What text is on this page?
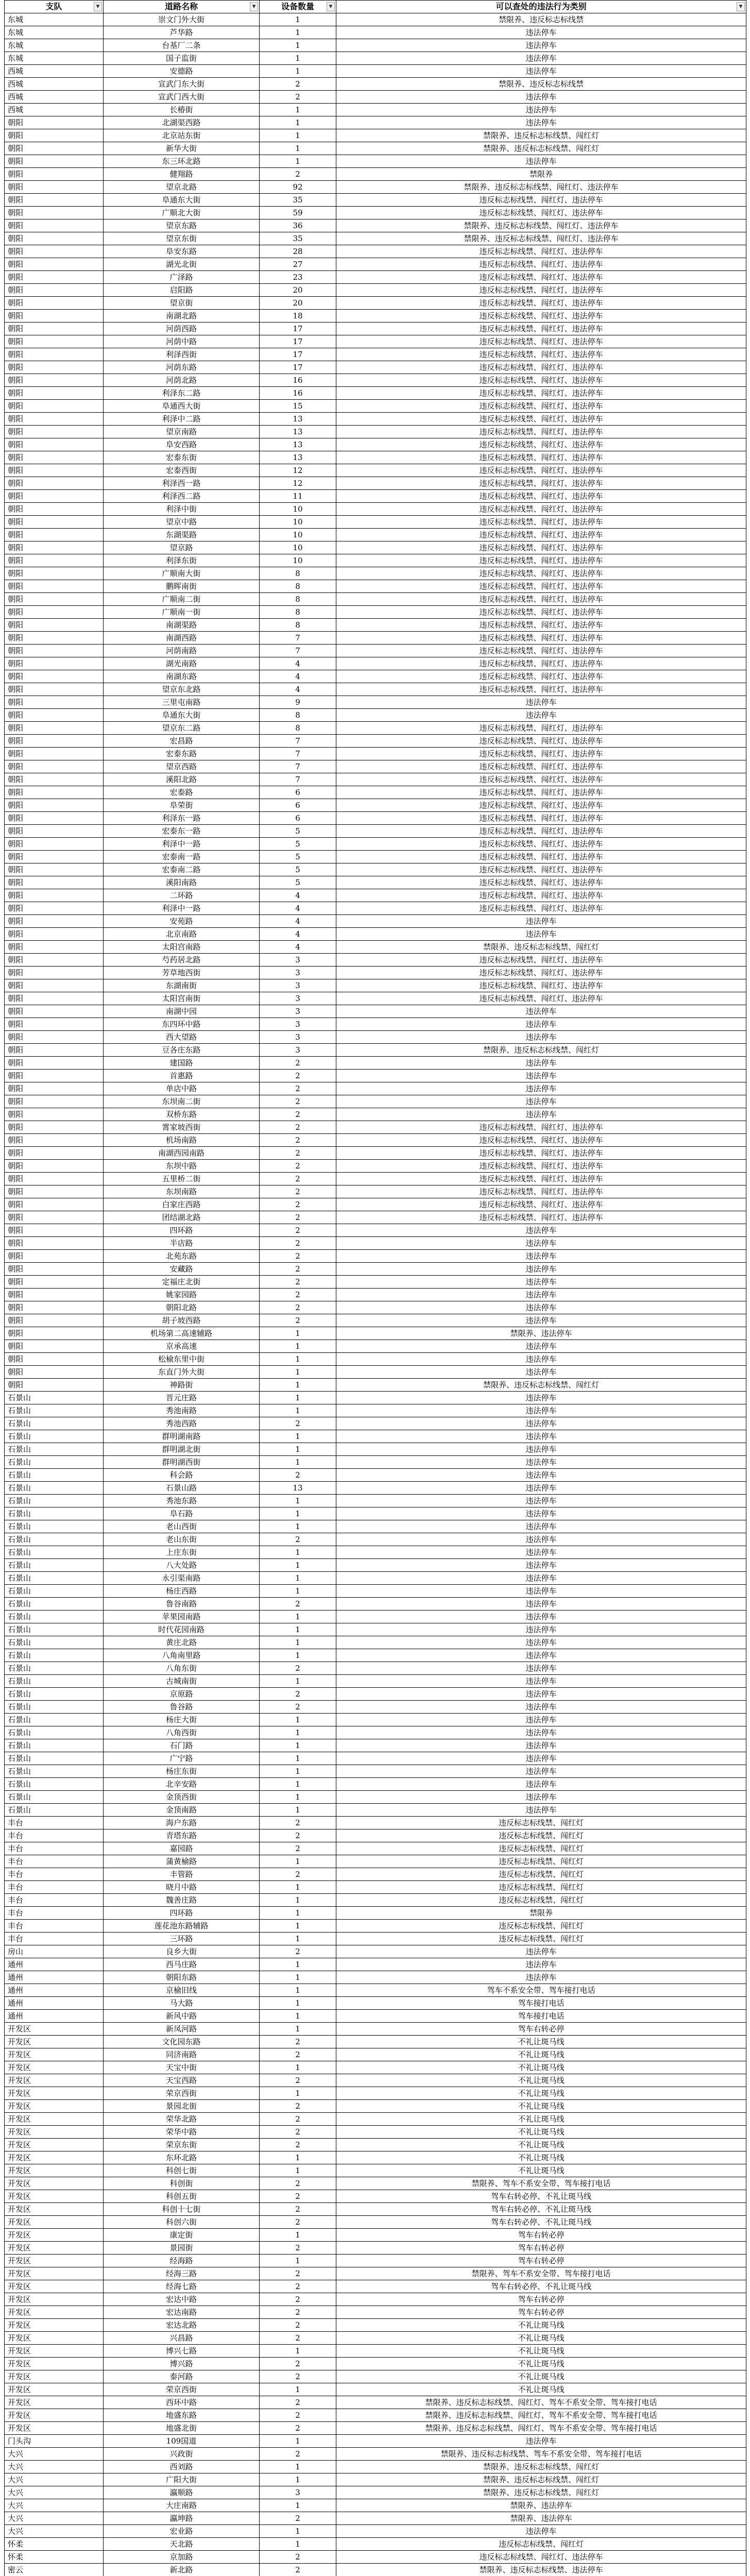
支队 ▼	道路名称 ▼	设备数量 ▼	可以查处的违法行为类别 ▼

东城	崇文门外大街	1	禁限养、违反标志标线禁
东城	芦华路	1	违法停车
东城	台基厂二条	1	违法停车
东城	国子监街	1	违法停车
西城	安德路	1	违法停车
西城	宣武门东大街	2	禁限养、违反标志标线禁
西城	宣武门西大街	2	违法停车
西城	长椿街	1	违法停车
朝阳	北湖渠西路	1	违法停车
朝阳	北京站东街	1	禁限养、违反标志标线禁、闯红灯
朝阳	新华大街	1	禁限养、违反标志标线禁、闯红灯
朝阳	东三环北路	1	违法停车
朝阳	健翔路	2	禁限养
朝阳	望京北路	92	禁限养、违反标志标线禁、闯红灯、违法停车
朝阳	阜通东大街	35	违反标志标线禁、闯红灯、违法停车
朝阳	广顺北大街	59	违反标志标线禁、闯红灯、违法停车
朝阳	望京东路	36	禁限养、违反标志标线禁、闯红灯、违法停车
朝阳	望京东街	35	禁限养、违反标志标线禁、闯红灯、违法停车
朝阳	阜安东路	28	违反标志标线禁、闯红灯、违法停车
朝阳	湖光北街	27	违反标志标线禁、闯红灯、违法停车
朝阳	广泽路	23	违反标志标线禁、闯红灯、违法停车
朝阳	启阳路	20	违反标志标线禁、闯红灯、违法停车
朝阳	望京街	20	违反标志标线禁、闯红灯、违法停车
朝阳	南湖北路	18	违反标志标线禁、闯红灯、违法停车
朝阳	河荫西路	17	违反标志标线禁、闯红灯、违法停车
朝阳	河荫中路	17	违反标志标线禁、闯红灯、违法停车
朝阳	利泽西街	17	违反标志标线禁、闯红灯、违法停车
朝阳	河荫东路	17	违反标志标线禁、闯红灯、违法停车
朝阳	河荫北路	16	违反标志标线禁、闯红灯、违法停车
朝阳	利泽东二路	16	违反标志标线禁、闯红灯、违法停车
朝阳	阜通西大街	15	违反标志标线禁、闯红灯、违法停车
朝阳	利泽中二路	13	违反标志标线禁、闯红灯、违法停车
朝阳	望京南路	13	违反标志标线禁、闯红灯、违法停车
朝阳	阜安西路	13	违反标志标线禁、闯红灯、违法停车
朝阳	宏泰东街	13	违反标志标线禁、闯红灯、违法停车
朝阳	宏泰西街	12	违反标志标线禁、闯红灯、违法停车
朝阳	利泽西一路	12	违反标志标线禁、闯红灯、违法停车
朝阳	利泽西二路	11	违反标志标线禁、闯红灯、违法停车
朝阳	利泽中街	10	违反标志标线禁、闯红灯、违法停车
朝阳	望京中路	10	违反标志标线禁、闯红灯、违法停车
朝阳	东湖渠路	10	违反标志标线禁、闯红灯、违法停车
朝阳	望京路	10	违反标志标线禁、闯红灯、违法停车
朝阳	利泽东街	10	违反标志标线禁、闯红灯、违法停车
朝阳	广顺南大街	8	违反标志标线禁、闯红灯、违法停车
朝阳	鹏晖南街	8	违反标志标线禁、闯红灯、违法停车
朝阳	广顺南二街	8	违反标志标线禁、闯红灯、违法停车
朝阳	广顺南一街	8	违反标志标线禁、闯红灯、违法停车
朝阳	南湖渠路	8	违反标志标线禁、闯红灯、违法停车
朝阳	南湖西路	7	违反标志标线禁、闯红灯、违法停车
朝阳	河荫南路	7	违反标志标线禁、闯红灯、违法停车
朝阳	湖光南路	4	违反标志标线禁、闯红灯、违法停车
朝阳	南湖东路	4	违反标志标线禁、闯红灯、违法停车
朝阳	望京东北路	4	违反标志标线禁、闯红灯、违法停车
朝阳	三里屯南路	9	违法停车
朝阳	阜通东大街	8	违法停车
朝阳	望京东二路	8	违反标志标线禁、闯红灯、违法停车
朝阳	宏昌路	7	违反标志标线禁、闯红灯、违法停车
朝阳	宏泰东路	7	违反标志标线禁、闯红灯、违法停车
朝阳	望京西路	7	违反标志标线禁、闯红灯、违法停车
朝阳	溪阳北路	7	违反标志标线禁、闯红灯、违法停车
朝阳	宏泰路	6	违反标志标线禁、闯红灯、违法停车
朝阳	阜荣街	6	违反标志标线禁、闯红灯、违法停车
朝阳	利泽东一路	6	违反标志标线禁、闯红灯、违法停车
朝阳	宏泰东一路	5	违反标志标线禁、闯红灯、违法停车
朝阳	利泽中一路	5	违反标志标线禁、闯红灯、违法停车
朝阳	宏泰南一路	5	违反标志标线禁、闯红灯、违法停车
朝阳	宏泰南二路	5	违反标志标线禁、闯红灯、违法停车
朝阳	溪阳南路	5	违反标志标线禁、闯红灯、违法停车
朝阳	二环路	4	违反标志标线禁、闯红灯、违法停车
朝阳	利泽中一路	4	违反标志标线禁、闯红灯、违法停车
朝阳	安苑路	4	违法停车
朝阳	北京南路	4	违法停车
朝阳	太阳宫南路	4	禁限养、违反标志标线禁、闯红灯
朝阳	芍药居北路	3	违反标志标线禁、闯红灯、违法停车
朝阳	芳草地西街	3	违反标志标线禁、闯红灯、违法停车
朝阳	东湖南街	3	违反标志标线禁、闯红灯、违法停车
朝阳	太阳宫南街	3	违反标志标线禁、闯红灯、违法停车
朝阳	南湖中园	3	违法停车
朝阳	东四环中路	3	违法停车
朝阳	西大望路	3	违法停车
朝阳	豆各庄东路	3	禁限养、违反标志标线禁、闯红灯
朝阳	建国路	2	违法停车
朝阳	首惠路	2	违法停车
朝阳	单店中路	2	违法停车
朝阳	东坝南二街	2	违法停车
朝阳	双桥东路	2	违法停车
朝阳	霄家坡西街	2	违反标志标线禁、闯红灯、违法停车
朝阳	机场南路	2	违反标志标线禁、闯红灯、违法停车
朝阳	南湖西园南路	2	违反标志标线禁、闯红灯、违法停车
朝阳	东坝中路	2	违反标志标线禁、闯红灯、违法停车
朝阳	五里桥二街	2	违反标志标线禁、闯红灯、违法停车
朝阳	东坝南路	2	违反标志标线禁、闯红灯、违法停车
朝阳	白家庄西路	2	违反标志标线禁、闯红灯、违法停车
朝阳	团结湖北路	2	违反标志标线禁、闯红灯、违法停车
朝阳	四环路	2	违法停车
朝阳	半店路	2	违法停车
朝阳	北苑东路	2	违法停车
朝阳	安藏路	2	违法停车
朝阳	定福庄北街	2	违法停车
朝阳	姚家园路	2	违法停车
朝阳	朝阳北路	2	违法停车
朝阳	胡子坡西路	2	违法停车
朝阳	机场第二高速辅路	1	禁限养、违法停车
朝阳	京承高速	1	违法停车
朝阳	松榆东里中街	1	违法停车
朝阳	东直门外大街	1	违法停车
朝阳	神路街	1	禁限养、违反标志标线禁、闯红灯
石景山	晋元庄路	1	违法停车
石景山	秀池南路	1	违法停车
石景山	秀池西路	2	违法停车
石景山	群明湖南路	1	违法停车
石景山	群明湖北街	1	违法停车
石景山	群明湖西街	1	违法停车
石景山	科会路	2	违法停车
石景山	石景山路	13	违法停车
石景山	秀池东路	1	违法停车
石景山	阜石路	1	违法停车
石景山	老山西街	1	违法停车
石景山	老山东街	2	违法停车
石景山	上庄东街	1	违法停车
石景山	八大处路	1	违法停车
石景山	永引渠南路	1	违法停车
石景山	杨庄西路	1	违法停车
石景山	鲁谷南路	2	违法停车
石景山	苹果园南路	1	违法停车
石景山	时代花园南路	1	违法停车
石景山	黄庄北路	1	违法停车
石景山	八角南里路	1	违法停车
石景山	八角东街	2	违法停车
石景山	古城南街	1	违法停车
石景山	京原路	2	违法停车
石景山	鲁谷路	2	违法停车
石景山	杨庄大街	1	违法停车
石景山	八角西街	1	违法停车
石景山	石门路	1	违法停车
石景山	广宁路	1	违法停车
石景山	杨庄东街	1	违法停车
石景山	北辛安路	1	违法停车
石景山	金顶西街	1	违法停车
石景山	金顶南路	1	违法停车
丰台	海户东路	2	违反标志标线禁、闯红灯
丰台	青塔东路	2	违反标志标线禁、闯红灯
丰台	嘉园路	2	违反标志标线禁、闯红灯
丰台	蒲黄榆路	1	违反标志标线禁、闯红灯
丰台	丰管路	2	违反标志标线禁、闯红灯
丰台	晓月中路	1	违反标志标线禁、闯红灯
丰台	魏善庄路	1	违反标志标线禁、闯红灯
丰台	四环路	1	禁限养
丰台	莲花池东路辅路	1	违反标志标线禁、闯红灯
丰台	三环路	1	违反标志标线禁、闯红灯
房山	良乡大街	2	违法停车
通州	西马庄路	1	违法停车
通州	朝阳东路	1	违法停车
通州	京榆旧线	1	驾车不系安全带、驾车接打电话
通州	马大路	1	驾车接打电话
通州	新风中路	1	驾车接打电话
开发区	新凤河路	1	驾车右转必停
开发区	文化园东路	2	不礼让斑马线
开发区	同济南路	2	不礼让斑马线
开发区	天宝中街	1	不礼让斑马线
开发区	天宝西路	2	不礼让斑马线
开发区	荣京西街	1	不礼让斑马线
开发区	景园北街	2	不礼让斑马线
开发区	荣华北路	2	不礼让斑马线
开发区	荣华中路	2	不礼让斑马线
开发区	荣京东街	2	不礼让斑马线
开发区	东环北路	1	不礼让斑马线
开发区	科创七街	1	不礼让斑马线
开发区	科创街	2	禁限养、驾车不系安全带、驾车接打电话
开发区	科创五街	2	驾车右转必停、不礼让斑马线
开发区	科创十七街	2	驾车右转必停、不礼让斑马线
开发区	科创六街	2	驾车右转必停、不礼让斑马线
开发区	康定街	1	驾车右转必停
开发区	景园街	2	驾车右转必停
开发区	经海路	1	驾车右转必停
开发区	经海三路	2	禁限养、驾车不系安全带、驾车接打电话
开发区	经海七路	2	驾车右转必停、不礼让斑马线
开发区	宏达中路	2	驾车右转必停
开发区	宏达南路	2	驾车右转必停
开发区	宏达北路	2	不礼让斑马线
开发区	兴昌路	2	不礼让斑马线
开发区	博兴七路	1	不礼让斑马线
开发区	博兴路	2	不礼让斑马线
开发区	泰河路	2	不礼让斑马线
开发区	荣京西街	1	不礼让斑马线
开发区	西环中路	2	禁限养、违反标志标线禁、闯红灯、驾车不系安全带、驾车接打电话
开发区	地盛东路	2	禁限养、违反标志标线禁、闯红灯、驾车不系安全带、驾车接打电话
开发区	地盛北街	2	禁限养、违反标志标线禁、闯红灯、驾车不系安全带、驾车接打电话
门头沟	109国道	1	违法停车
大兴	兴政街	2	禁限养、违反标志标线禁、驾车不系安全带、驾车接打电话
大兴	西刘路	1	禁限养、违反标志标线禁、闯红灯
大兴	广阳大街	1	禁限养、违反标志标线禁、闯红灯
大兴	瀛顺路	3	禁限养、违反标志标线禁、闯红灯
大兴	大庄南路	1	禁限养、违法停车
大兴	瀛坤路	2	禁限养、违法停车
大兴	宏业路	1	违法停车
怀柔	天北路	1	违反标志标线禁、闯红灯
怀柔	京加路	2	违反标志标线禁、闯红灯、违法停车
密云	新北路	2	禁限养、违反标志标线禁、违法停车
